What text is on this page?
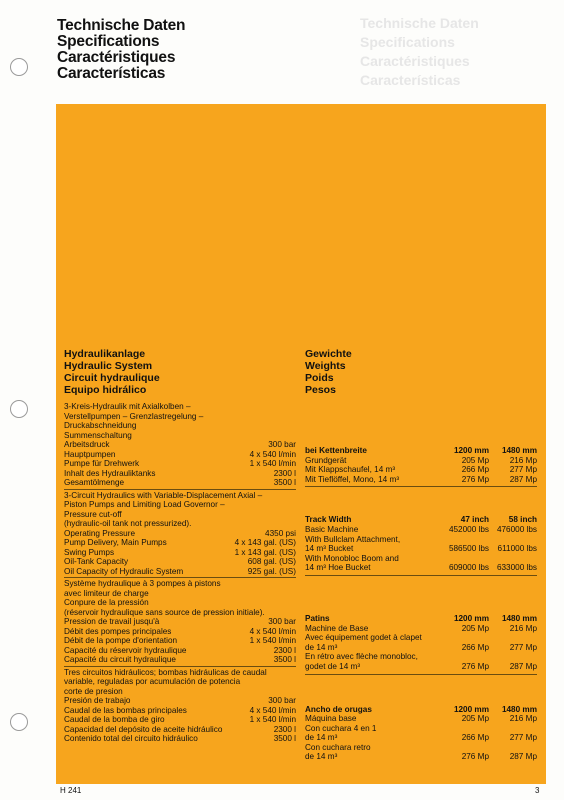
Technische Daten
Specifications
Caractéristiques
Características
Technische Daten
Specifications
Caractéristiques
Características
Hydraulikanlage
Hydraulic System
Circuit hydraulique
Equipo hidrálico
3-Kreis-Hydraulik mit Axialkolben –
Verstellpumpen – Grenzlastregelung –
Druckabschneidung
Summenschaltung
Arbeitsdruck	300 bar
Hauptpumpen	4 x 540 l/min
Pumpe für Drehwerk	1 x 540 l/min
Inhalt des Hydrauliktanks	2300 l
Gesamtölmenge	3500 l
3-Circuit Hydraulics with Variable-Displacement Axial –
Piston Pumps and Limiting Load Governor –
Pressure cut-off
(hydraulic-oil tank not pressurized).
Operating Pressure	4350 psi
Pump Delivery, Main Pumps	4 x 143 gal. (US)
Swing Pumps	1 x 143 gal. (US)
Oil-Tank Capacity	608 gal. (US)
Oil Capacity of Hydraulic System	925 gal. (US)
Système hydraulique à 3 pompes à pistons
avec limiteur de charge
Conpure de la pressión
(réservoir hydraulique sans source de pression initiale).
Pression de travail jusqu'à	300 bar
Débit des pompes principales	4 x 540 l/min
Débit de la pompe d'orientation	1 x 540 l/min
Capacité du réservoir hydraulique	2300 l
Capacité du circuit hydraulique	3500 l
Tres circuitos hidráulicos; bombas hidráulicas de caudal
variable, reguladas por acumulación de potencia
corte de presion
Presión de trabajo	300 bar
Caudal de las bombas principales	4 x 540 l/min
Caudal de la bomba de giro	1 x 540 l/min
Capacidad del depósito de aceite hidráulico	2300 l
Contenido total del circuito hidráulico	3500 l
Gewichte
Weights
Poids
Pesos
bei Kettenbreite	1200 mm	1480 mm
Grundgerät	205 Mp	216 Mp
Mit Klappschaufel, 14 m³	266 Mp	277 Mp
Mit Tieflöffel, Mono, 14 m³	276 Mp	287 Mp
Track Width	47 inch	58 inch
Basic Machine	452000 lbs 476000 lbs
With Bullclam Attachment,
14 m³ Bucket	586500 lbs	611000 lbs
With Monobloc Boom and
14 m³ Hoe Bucket	609000 lbs 633000 lbs
Patins	1200 mm	1480 mm
Machine de Base	205 Mp	216 Mp
Avec équipement godet à clapet
de 14 m³	266 Mp	277 Mp
En rétro avec flèche monobloc,
godet de 14 m³	276 Mp	287 Mp
Ancho de orugas	1200 mm	1480 mm
Máquina base	205 Mp	216 Mp
Con cuchara 4 en 1
de 14 m³	266 Mp	277 Mp
Con cuchara retro
de 14 m³	276 Mp	287 Mp
H 241	3
